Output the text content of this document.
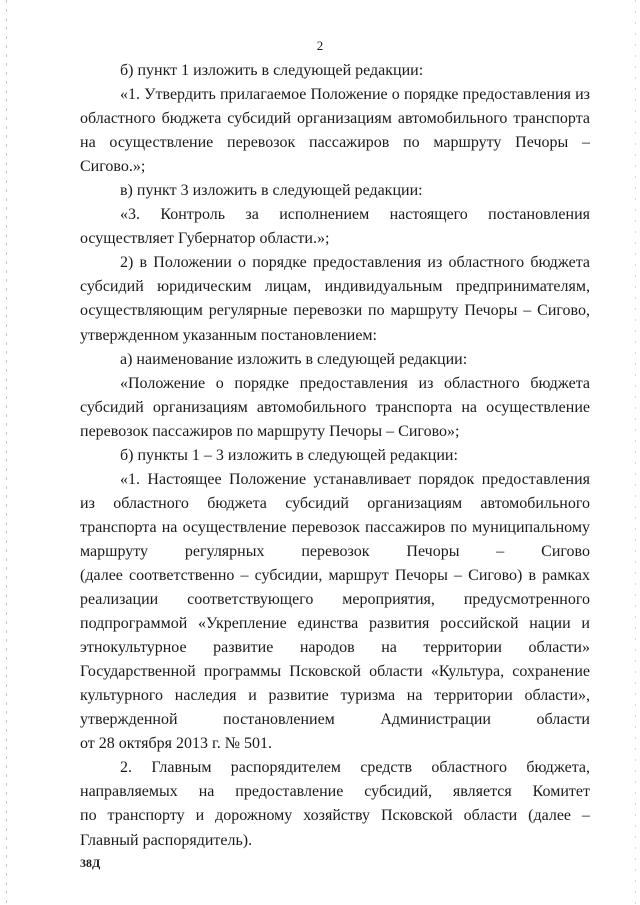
2
б) пункт 1 изложить в следующей редакции:
«1. Утвердить прилагаемое Положение о порядке предоставления из
областного бюджета субсидий организациям автомобильного транспорта
на осуществление перевозок пассажиров по маршруту Печоры –
Сигово.»;
в) пункт 3 изложить в следующей редакции:
«3. Контроль за исполнением настоящего постановления
осуществляет Губернатор области.»;
2) в Положении о порядке предоставления из областного бюджета
субсидий юридическим лицам, индивидуальным предпринимателям,
осуществляющим регулярные перевозки по маршруту Печоры – Сигово,
утвержденном указанным постановлением:
а) наименование изложить в следующей редакции:
«Положение о порядке предоставления из областного бюджета
субсидий организациям автомобильного транспорта на осуществление
перевозок пассажиров по маршруту Печоры – Сигово»;
б) пункты 1 – 3 изложить в следующей редакции:
«1. Настоящее Положение устанавливает порядок предоставления
из областного бюджета субсидий организациям автомобильного
транспорта на осуществление перевозок пассажиров по муниципальному
маршруту регулярных перевозок Печоры – Сигово
(далее соответственно – субсидии, маршрут Печоры – Сигово) в рамках
реализации соответствующего мероприятия, предусмотренного
подпрограммой «Укрепление единства развития российской нации и
этнокультурное развитие народов на территории области»
Государственной программы Псковской области «Культура, сохранение
культурного наследия и развитие туризма на территории области»,
утвержденной постановлением Администрации области
от 28 октября 2013 г. № 501.
2. Главным распорядителем средств областного бюджета,
направляемых на предоставление субсидий, является Комитет
по транспорту и дорожному хозяйству Псковской области (далее –
Главный распорядитель).
38Д
